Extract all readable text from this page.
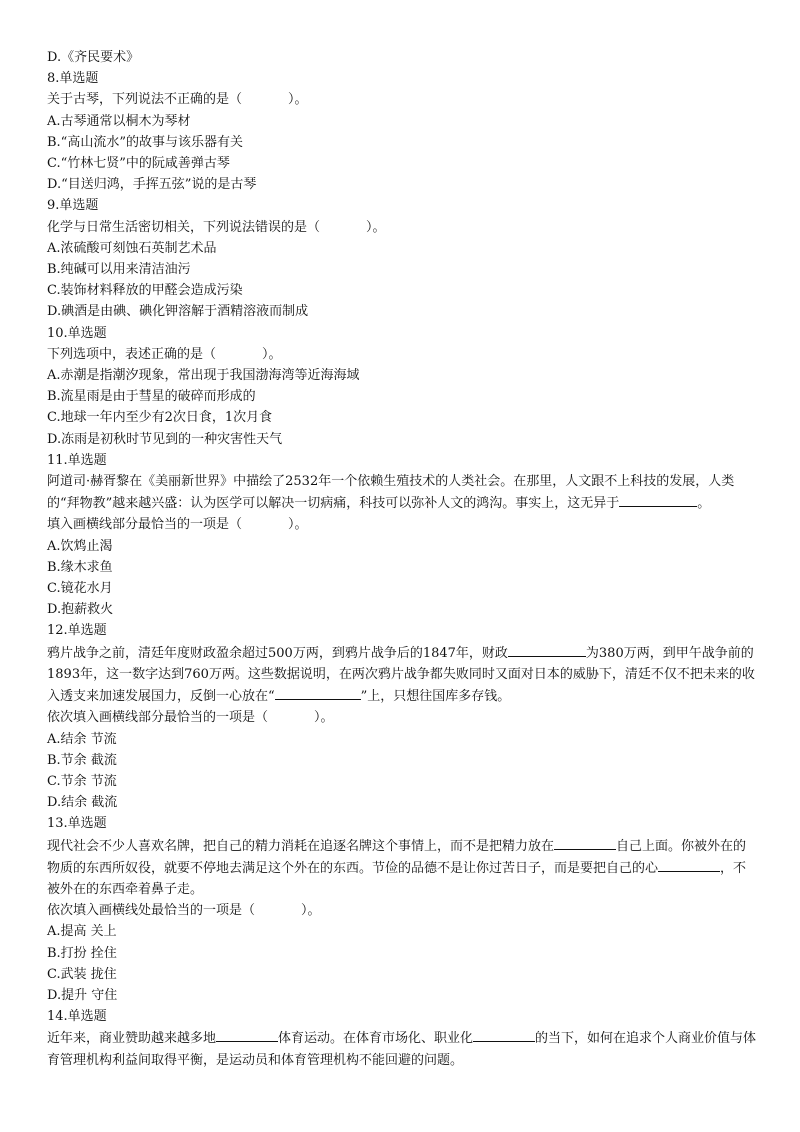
D.《齐民要术》
8.单选题
关于古琴，下列说法不正确的是（	）。
A.古琴通常以桐木为琴材
B.“高山流水”的故事与该乐器有关
C.“竹林七贤”中的阮咸善弹古琴
D.“目送归鸿，手挥五弦”说的是古琴
9.单选题
化学与日常生活密切相关，下列说法错误的是（	）。
A.浓硫酸可刻蚀石英制艺术品
B.纯碱可以用来清洁油污
C.装饰材料释放的甲醛会造成污染
D.碘酒是由碘、碘化钾溶解于酒精溶液而制成
10.单选题
下列选项中，表述正确的是（	）。
A.赤潮是指潮汐现象，常出现于我国渤海湾等近海海域
B.流星雨是由于彗星的破碎而形成的
C.地球一年内至少有2次日食，1次月食
D.冻雨是初秋时节见到的一种灾害性天气
11.单选题
阿道司·赫胥黎在《美丽新世界》中描绘了2532年一个依赖生殖技术的人类社会。在那里，人文跟不上科技的发展，人类的“拜物教”越来越兴盛：认为医学可以解决一切病痛，科技可以弥补人文的鸿沟。事实上，这无异于	。
填入画横线部分最恰当的一项是（	）。
A.饮鸩止渴
B.缘木求鱼
C.镜花水月
D.抱薪救火
12.单选题
鸦片战争之前，清廷年度财政盈余超过500万两，到鸦片战争后的1847年，财政	为380万两，到甲午战争前的1893年，这一数字达到760万两。这些数据说明，在两次鸦片战争都失败同时又面对日本的威胁下，清廷不仅不把未来的收入透支来加速发展国力，反倒一心放在“	”上，只想往国库多存钱。
依次填入画横线部分最恰当的一项是（	）。
A.结余 节流
B.节余 截流
C.节余 节流
D.结余 截流
13.单选题
现代社会不少人喜欢名牌，把自己的精力消耗在追逐名牌这个事情上，而不是把精力放在	自己上面。你被外在的物质的东西所奴役，就要不停地去满足这个外在的东西。节俭的品德不是让你过苦日子，而是要把自己的心	，不被外在的东西牵着鼻子走。
依次填入画横线处最恰当的一项是（	）。
A.提高 关上
B.打扮 拴住
C.武装 拢住
D.提升 守住
14.单选题
近年来，商业赞助越来越多地	体育运动。在体育市场化、职业化	的当下，如何在追求个人商业价值与体育管理机构利益间取得平衡，是运动员和体育管理机构不能回避的问题。
